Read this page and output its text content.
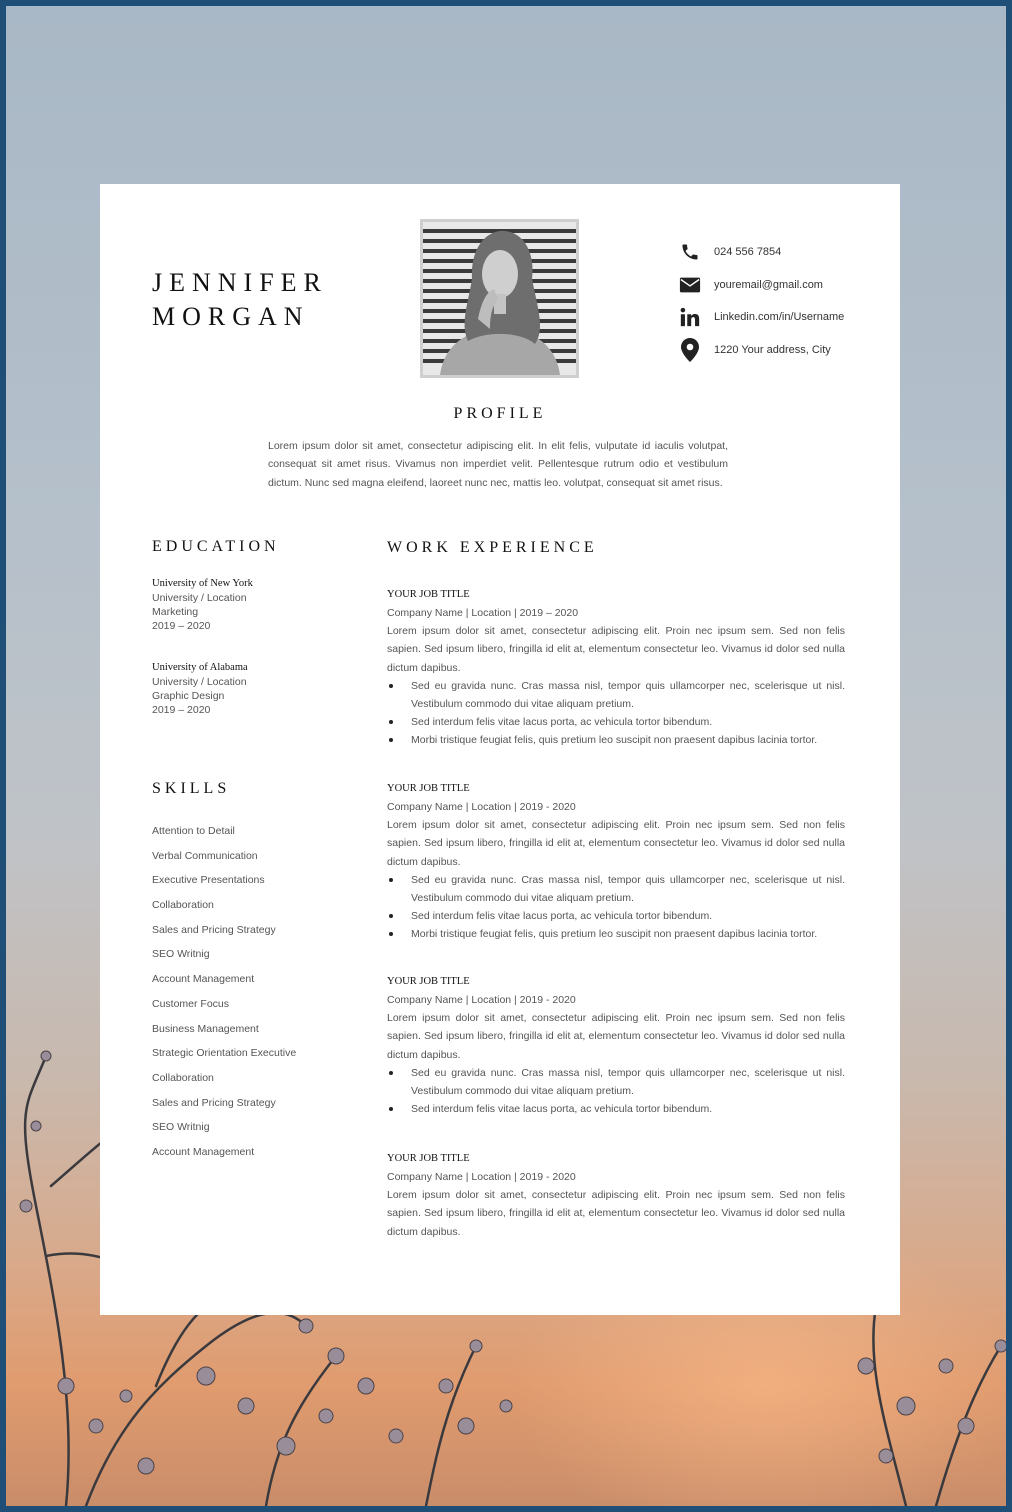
JENNIFER
MORGAN
024 556 7854
youremail@gmail.com
Linkedin.com/in/Username
1220 Your address, City
PROFILE
Lorem ipsum dolor sit amet, consectetur adipiscing elit. In elit felis, vulputate id iaculis volutpat, consequat sit amet risus. Vivamus non imperdiet velit. Pellentesque rutrum odio et vestibulum dictum. Nunc sed magna eleifend, laoreet nunc nec, mattis leo. volutpat, consequat sit amet risus.
EDUCATION
University of New York
University / Location
Marketing
2019 – 2020
University of Alabama
University / Location
Graphic Design
2019 – 2020
SKILLS
Attention to Detail
Verbal Communication
Executive Presentations
Collaboration
Sales and Pricing Strategy
SEO Writnig
Account Management
Customer Focus
Business Management
Strategic Orientation Executive
Collaboration
Sales and Pricing Strategy
SEO Writnig
Account Management
WORK EXPERIENCE
YOUR JOB TITLE
Company Name | Location | 2019 – 2020
Lorem ipsum dolor sit amet, consectetur adipiscing elit. Proin nec ipsum sem. Sed non felis sapien. Sed ipsum libero, fringilla id elit at, elementum consectetur leo. Vivamus id dolor sed nulla dictum dapibus.
Sed eu gravida nunc. Cras massa nisl, tempor quis ullamcorper nec, scelerisque ut nisl. Vestibulum commodo dui vitae aliquam pretium.
Sed interdum felis vitae lacus porta, ac vehicula tortor bibendum.
Morbi tristique feugiat felis, quis pretium leo suscipit non praesent dapibus lacinia tortor.
YOUR JOB TITLE
Company Name | Location | 2019 - 2020
Lorem ipsum dolor sit amet, consectetur adipiscing elit. Proin nec ipsum sem. Sed non felis sapien. Sed ipsum libero, fringilla id elit at, elementum consectetur leo. Vivamus id dolor sed nulla dictum dapibus.
Sed eu gravida nunc. Cras massa nisl, tempor quis ullamcorper nec, scelerisque ut nisl. Vestibulum commodo dui vitae aliquam pretium.
Sed interdum felis vitae lacus porta, ac vehicula tortor bibendum.
Morbi tristique feugiat felis, quis pretium leo suscipit non praesent dapibus lacinia tortor.
YOUR JOB TITLE
Company Name | Location | 2019 - 2020
Lorem ipsum dolor sit amet, consectetur adipiscing elit. Proin nec ipsum sem. Sed non felis sapien. Sed ipsum libero, fringilla id elit at, elementum consectetur leo. Vivamus id dolor sed nulla dictum dapibus.
Sed eu gravida nunc. Cras massa nisl, tempor quis ullamcorper nec, scelerisque ut nisl. Vestibulum commodo dui vitae aliquam pretium.
Sed interdum felis vitae lacus porta, ac vehicula tortor bibendum.
YOUR JOB TITLE
Company Name | Location | 2019 - 2020
Lorem ipsum dolor sit amet, consectetur adipiscing elit. Proin nec ipsum sem. Sed non felis sapien. Sed ipsum libero, fringilla id elit at, elementum consectetur leo. Vivamus id dolor sed nulla dictum dapibus.
